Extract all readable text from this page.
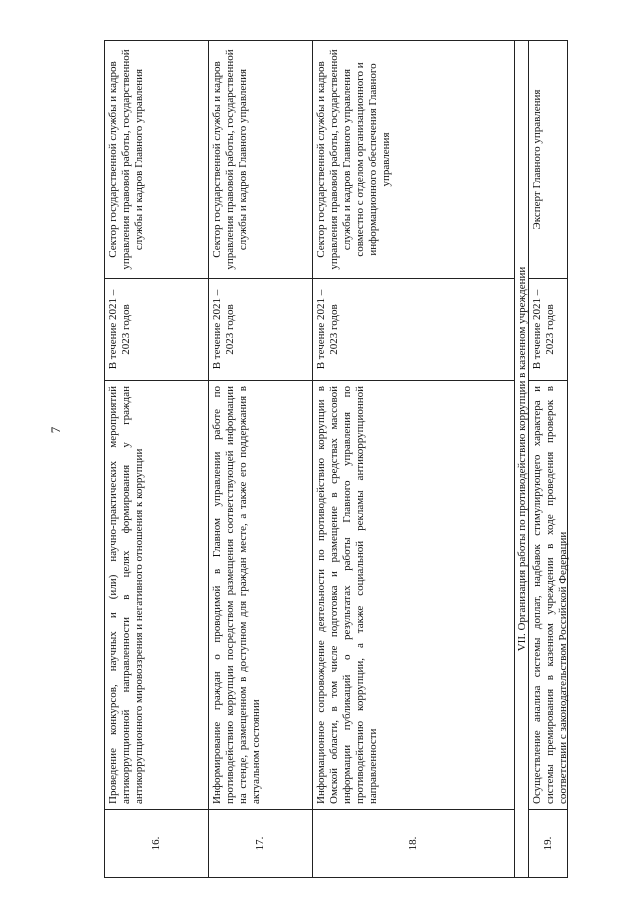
7
16.
Проведение конкурсов, научных и (или) научно-практических мероприятий антикоррупционной направленности в целях формирования у граждан антикоррупционного мировоззрения и негативного отношения к коррупции
В течение 2021 – 2023 годов
Сектор государственной службы и кадров управления правовой работы, государственной службы и кадров Главного управления
17.
Информирование граждан о проводимой в Главном управлении работе по противодействию коррупции посредством размещения соответствующей информации на стенде, размещенном в доступном для граждан месте, а также его поддержания в актуальном состоянии
В течение 2021 – 2023 годов
Сектор государственной службы и кадров управления правовой работы, государственной службы и кадров Главного управления
18.
Информационное сопровождение деятельности по противодействию коррупции в Омской области, в том числе подготовка и размещение в средствах массовой информации публикаций о результатах работы Главного управления по противодействию коррупции, а также социальной рекламы антикоррупционной направленности
В течение 2021 – 2023 годов
Сектор государственной службы и кадров управления правовой работы, государственной службы и кадров Главного управления совместно с отделом организационного и информационного обеспечения Главного управления
VII. Организация работы по противодействию коррупции в казенном учреждении
19.
Осуществление анализа системы доплат, надбавок стимулирующего характера и системы премирования в казенном учреждении в ходе проведения проверок в соответствии с законодательством Российской Федерации
В течение 2021 – 2023 годов
Эксперт Главного управления
